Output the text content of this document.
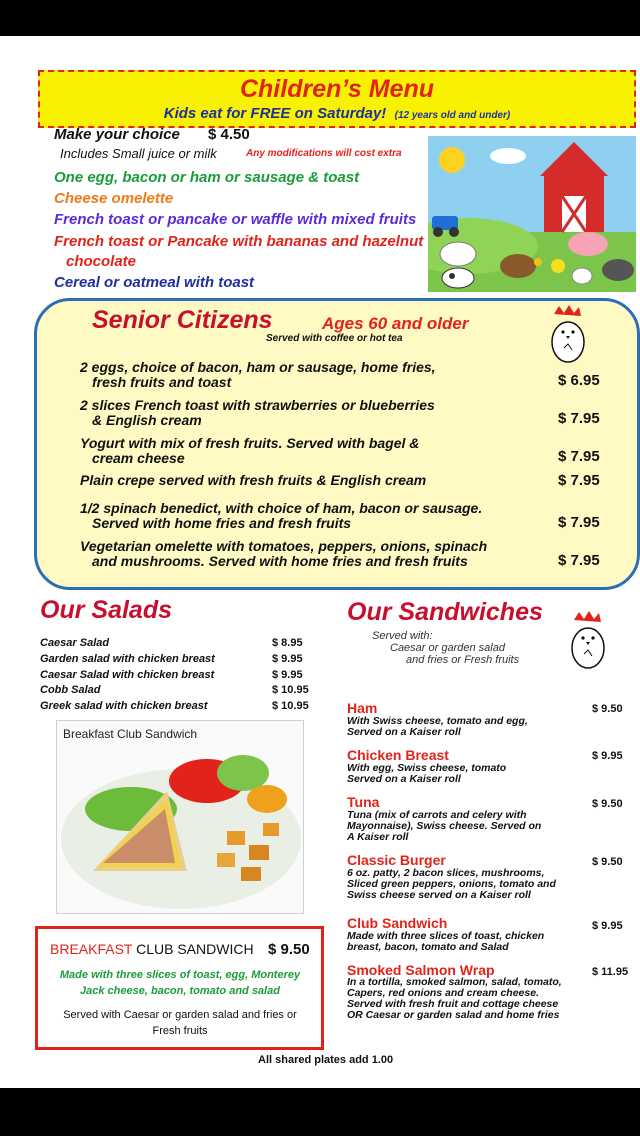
Children’s Menu
Kids eat for FREE on Saturday! (12 years old and under)
Make your choice $ 4.50
Includes Small juice or milk	Any modifications will cost extra
One egg, bacon or ham or sausage & toast
Cheese omelette
French toast or pancake or waffle with mixed fruits
French toast or Pancake with bananas and hazelnut
chocolate
Cereal or oatmeal with toast
Senior Citizens	Ages 60 and older
Served with coffee or hot tea
2 eggs, choice of bacon, ham or sausage, home fries,
fresh fruits and toast	$ 6.95
2 slices French toast with strawberries or blueberries
& English cream	$ 7.95
Yogurt with mix of fresh fruits. Served with bagel &
cream cheese	$ 7.95
Plain crepe served with fresh fruits & English cream	$ 7.95
1/2 spinach benedict, with choice of ham, bacon or sausage.
Served with home fries and fresh fruits	$ 7.95
Vegetarian omelette with tomatoes, peppers, onions, spinach
and mushrooms. Served with home fries and fresh fruits	$ 7.95
Our Salads
Caesar Salad	$ 8.95
Garden salad with chicken breast	$ 9.95
Caesar Salad with chicken breast	$ 9.95
Cobb Salad	$ 10.95
Greek salad with chicken breast	$ 10.95
Breakfast Club Sandwich
BREAKFAST CLUB SANDWICH $ 9.50
Made with three slices of toast, egg, Monterey Jack cheese, bacon, tomato and salad
Served with Caesar or garden salad and fries or Fresh fruits
Our Sandwiches
Served with:
Caesar or garden salad
and fries or Fresh fruits
Ham	$ 9.50
With Swiss cheese, tomato and egg,
Served on a Kaiser roll
Chicken Breast	$ 9.95
With egg, Swiss cheese, tomato
Served on a Kaiser roll
Tuna	$ 9.50
Tuna (mix of carrots and celery with
Mayonnaise), Swiss cheese. Served on
A Kaiser roll
Classic Burger	$ 9.50
6 oz. patty, 2 bacon slices, mushrooms,
Sliced green peppers, onions, tomato and
Swiss cheese served on a Kaiser roll
Club Sandwich	$ 9.95
Made with three slices of toast, chicken
breast, bacon, tomato and Salad
Smoked Salmon Wrap	$ 11.95
In a tortilla, smoked salmon, salad, tomato,
Capers, red onions and cream cheese.
Served with fresh fruit and cottage cheese
OR Caesar or garden salad and home fries
All shared plates add 1.00
